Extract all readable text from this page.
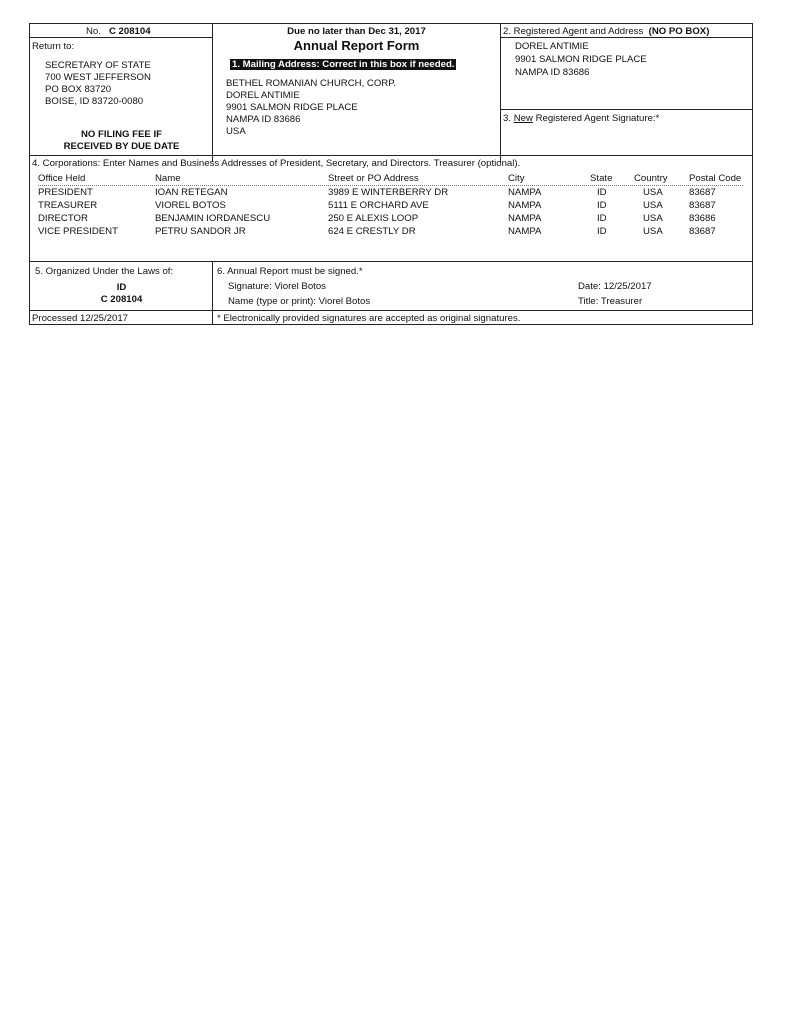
No. C 208104	Due no later than Dec 31, 2017
Annual Report Form
2. Registered Agent and Address (NO PO BOX)
Return to:
SECRETARY OF STATE
700 WEST JEFFERSON
PO BOX 83720
BOISE, ID 83720-0080
NO FILING FEE IF
RECEIVED BY DUE DATE
1. Mailing Address: Correct in this box if needed.
BETHEL ROMANIAN CHURCH, CORP.
DOREL ANTIMIE
9901 SALMON RIDGE PLACE
NAMPA ID 83686
USA
DOREL ANTIMIE
9901 SALMON RIDGE PLACE
NAMPA ID 83686
3. New Registered Agent Signature:*
4. Corporations: Enter Names and Business Addresses of President, Secretary, and Directors. Treasurer (optional).
Office Held	Name	Street or PO Address	City	State Country Postal Code
PRESIDENT	IOAN RETEGAN	3989 E WINTERBERRY DR	NAMPA	ID	USA	83687
TREASURER	VIOREL BOTOS	5111 E ORCHARD AVE	NAMPA	ID	USA	83687
DIRECTOR	BENJAMIN IORDANESCU	250 E ALEXIS LOOP	NAMPA	ID	USA	83686
VICE PRESIDENT	PETRU SANDOR JR	624 E CRESTLY DR	NAMPA	ID	USA	83687
5. Organized Under the Laws of:
ID
C 208104
6. Annual Report must be signed.*
Signature: Viorel Botos
Name (type or print): Viorel Botos
Date: 12/25/2017
Title: Treasurer
Processed 12/25/2017	* Electronically provided signatures are accepted as original signatures.
